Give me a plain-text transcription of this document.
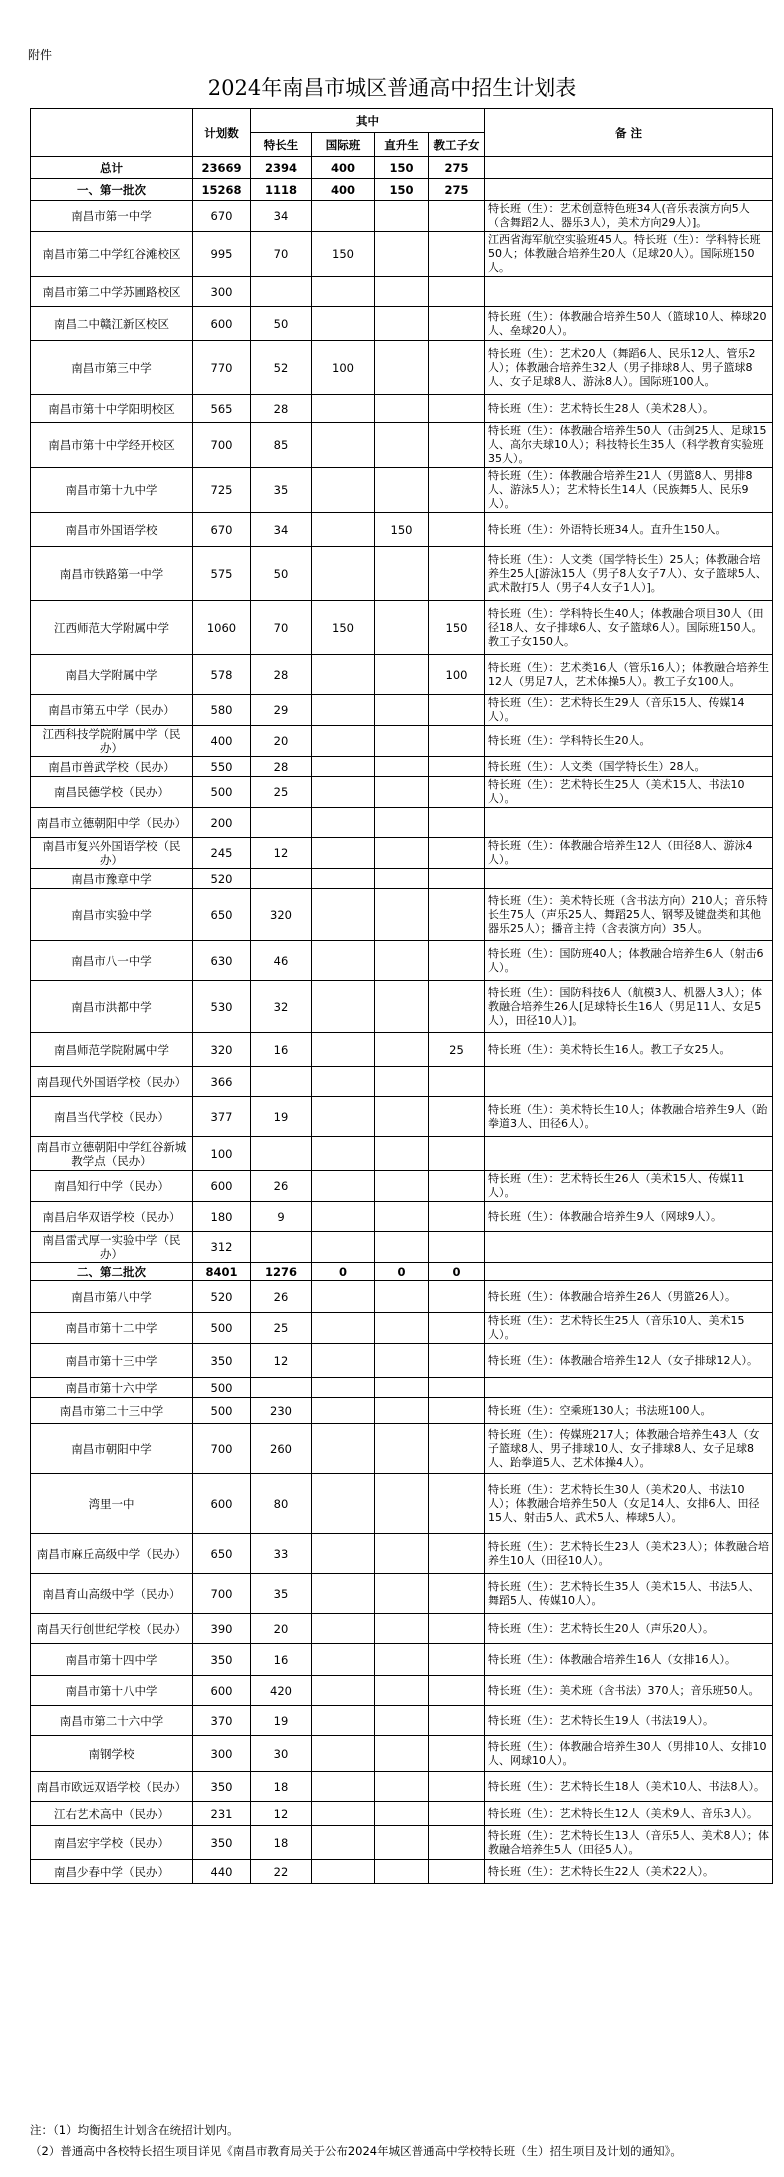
附件
2024年南昌市城区普通高中招生计划表
	计划数	其中				备 注
		特长生	国际班	直升生	教工子女	
总计	23669	2394	400	150	275	
一、第一批次	15268	1118	400	150	275	
南昌市第一中学	670	34				特长班（生）：艺术创意特色班34人(音乐表演方向5人（含舞蹈2人、器乐3人），美术方向29人）]。
南昌市第二中学红谷滩校区	995	70	150			江西省海军航空实验班45人。特长班（生）：学科特长班50人；体教融合培养生20人（足球20人）。国际班150人。
南昌市第二中学苏圃路校区	300					
南昌二中赣江新区校区	600	50				特长班（生）：体教融合培养生50人（篮球10人、棒球20人、垒球20人）。
南昌市第三中学	770	52	100			特长班（生）：艺术20人（舞蹈6人、民乐12人、管乐2人）；体教融合培养生32人（男子排球8人、男子篮球8人、女子足球8人、游泳8人）。国际班100人。
南昌市第十中学阳明校区	565	28				特长班（生）：艺术特长生28人（美术28人）。
南昌市第十中学经开校区	700	85				特长班（生）：体教融合培养生50人（击剑25人、足球15人、高尔夫球10人）；科技特长生35人（科学教育实验班35人）。
南昌市第十九中学	725	35				特长班（生）：体教融合培养生21人（男篮8人、男排8人、游泳5人）；艺术特长生14人（民族舞5人、民乐9人）。
南昌市外国语学校	670	34		150		特长班（生）：外语特长班34人。直升生150人。
南昌市铁路第一中学	575	50				特长班（生）：人文类（国学特长生）25人；体教融合培养生25人[游泳15人（男子8人女子7人）、女子篮球5人、武术散打5人（男子4人女子1人）]。
江西师范大学附属中学	1060	70	150		150	特长班（生）：学科特长生40人；体教融合项目30人（田径18人、女子排球6人、女子篮球6人）。国际班150人。教工子女150人。
南昌大学附属中学	578	28			100	特长班（生）：艺术类16人（管乐16人）；体教融合培养生12人（男足7人，艺术体操5人）。教工子女100人。
南昌市第五中学（民办）	580	29				特长班（生）：艺术特长生29人（音乐15人、传媒14人）。
江西科技学院附属中学（民办）	400	20				特长班（生）：学科特长生20人。
南昌市兽武学校（民办）	550	28				特长班（生）：人文类（国学特长生）28人。
南昌民德学校（民办）	500	25				特长班（生）：艺术特长生25人（美术15人、书法10人）。
南昌市立德朝阳中学（民办）	200					
南昌市复兴外国语学校（民办）	245	12				特长班（生）：体教融合培养生12人（田径8人、游泳4人）。
南昌市豫章中学	520					
南昌市实验中学	650	320				特长班（生）：美术特长班（含书法方向）210人；音乐特长生75人（声乐25人、舞蹈25人、钢琴及键盘类和其他器乐25人）；播音主持（含表演方向）35人。
南昌市八一中学	630	46				特长班（生）：国防班40人；体教融合培养生6人（射击6人）。
南昌市洪都中学	530	32				特长班（生）：国防科技6人（航模3人、机器人3人）；体教融合培养生26人[足球特长生16人（男足11人、女足5人），田径10人）]。
南昌师范学院附属中学	320	16			25	特长班（生）：美术特长生16人。教工子女25人。
南昌现代外国语学校（民办）	366					
南昌当代学校（民办）	377	19				特长班（生）：美术特长生10人；体教融合培养生9人（跆拳道3人、田径6人）。
南昌市立德朝阳中学红谷新城教学点（民办）	100					
南昌知行中学（民办）	600	26				特长班（生）：艺术特长生26人（美术15人、传媒11人）。
南昌启华双语学校（民办）	180	9				特长班（生）：体教融合培养生9人（网球9人）。
南昌雷式厚一实验中学（民办）	312					
二、第二批次	8401	1276	0	0	0	
南昌市第八中学	520	26				特长班（生）：体教融合培养生26人（男篮26人）。
南昌市第十二中学	500	25				特长班（生）：艺术特长生25人（音乐10人、美术15人）。
南昌市第十三中学	350	12				特长班（生）：体教融合培养生12人（女子排球12人）。
南昌市第十六中学	500					
南昌市第二十三中学	500	230				特长班（生）：空乘班130人；书法班100人。
南昌市朝阳中学	700	260				特长班（生）：传媒班217人；体教融合培养生43人（女子篮球8人、男子排球10人、女子排球8人、女子足球8人、跆拳道5人、艺术体操4人）。
湾里一中	600	80				特长班（生）：艺术特长生30人（美术20人、书法10人）；体教融合培养生50人（女足14人、女排6人、田径15人、射击5人、武术5人、棒球5人）。
南昌市麻丘高级中学（民办）	650	33				特长班（生）：艺术特长生23人（美术23人）；体教融合培养生10人（田径10人）。
南昌育山高级中学（民办）	700	35				特长班（生）：艺术特长生35人（美术15人、书法5人、舞蹈5人、传媒10人）。
南昌天行创世纪学校（民办）	390	20				特长班（生）：艺术特长生20人（声乐20人）。
南昌市第十四中学	350	16				特长班（生）：体教融合培养生16人（女排16人）。
南昌市第十八中学	600	420				特长班（生）：美术班（含书法）370人；音乐班50人。
南昌市第二十六中学	370	19				特长班（生）：艺术特长生19人（书法19人）。
南钢学校	300	30				特长班（生）：体教融合培养生30人（男排10人、女排10人、网球10人）。
南昌市欧远双语学校（民办）	350	18				特长班（生）：艺术特长生18人（美术10人、书法8人）。
江右艺术高中（民办）	231	12				特长班（生）：艺术特长生12人（美术9人、音乐3人）。
南昌宏宇学校（民办）	350	18				特长班（生）：艺术特长生13人（音乐5人、美术8人）；体教融合培养生5人（田径5人）。
南昌少春中学（民办）	440	22				特长班（生）：艺术特长生22人（美术22人）。
注：（1）均衡招生计划含在统招计划内。
（2）普通高中各校特长招生项目详见《南昌市教育局关于公布2024年城区普通高中学校特长班（生）招生项目及计划的通知》。
